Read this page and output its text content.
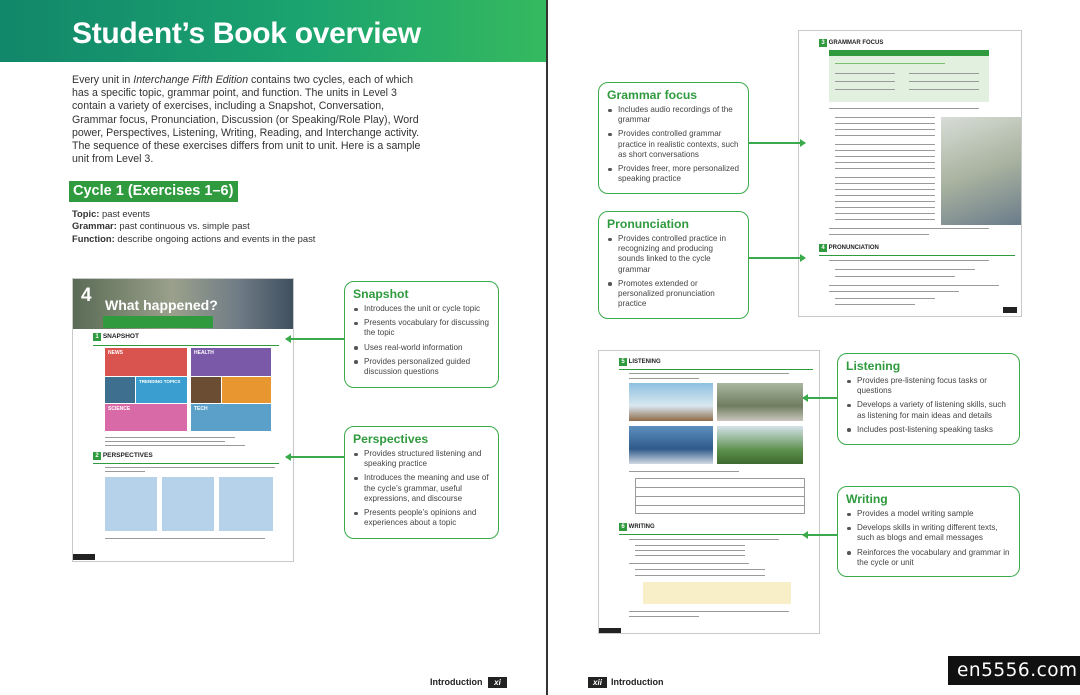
Student’s Book overview

Every unit in Interchange Fifth Edition contains two cycles, each of which has a specific topic, grammar point, and function. The units in Level 3 contain a variety of exercises, including a Snapshot, Conversation, Grammar focus, Pronunciation, Discussion (or Speaking/Role Play), Word power, Perspectives, Listening, Writing, Reading, and Interchange activity. The sequence of these exercises differs from unit to unit. Here is a sample unit from Level 3.

Cycle 1 (Exercises 1–6)
Topic: past events
Grammar: past continuous vs. simple past
Function: describe ongoing actions and events in the past
4 What happened?
1 SNAPSHOT
NEWS	HEALTH
TRENDING TOPICS
SCIENCE	TECH
2 PERSPECTIVES
Snapshot
Introduces the unit or cycle topic
Presents vocabulary for discussing the topic
Uses real-world information
Provides personalized guided discussion questions
Perspectives
Provides structured listening and speaking practice
Introduces the meaning and use of the cycle’s grammar, useful expressions, and discourse
Presents people’s opinions and experiences about a topic
3 GRAMMAR FOCUS
4 PRONUNCIATION
Grammar focus
Includes audio recordings of the grammar
Provides controlled grammar practice in realistic contexts, such as short conversations
Provides freer, more personalized speaking practice
Pronunciation
Provides controlled practice in recognizing and producing sounds linked to the cycle grammar
Promotes extended or personalized pronunciation practice
5 LISTENING
6 WRITING
Listening
Provides pre-listening focus tasks or questions
Develops a variety of listening skills, such as listening for main ideas and details
Includes post-listening speaking tasks
Writing
Provides a model writing sample
Develops skills in writing different texts, such as blogs and email messages
Reinforces the vocabulary and grammar in the cycle or unit
Introduction	xi	xii	Introduction
en5556.com
